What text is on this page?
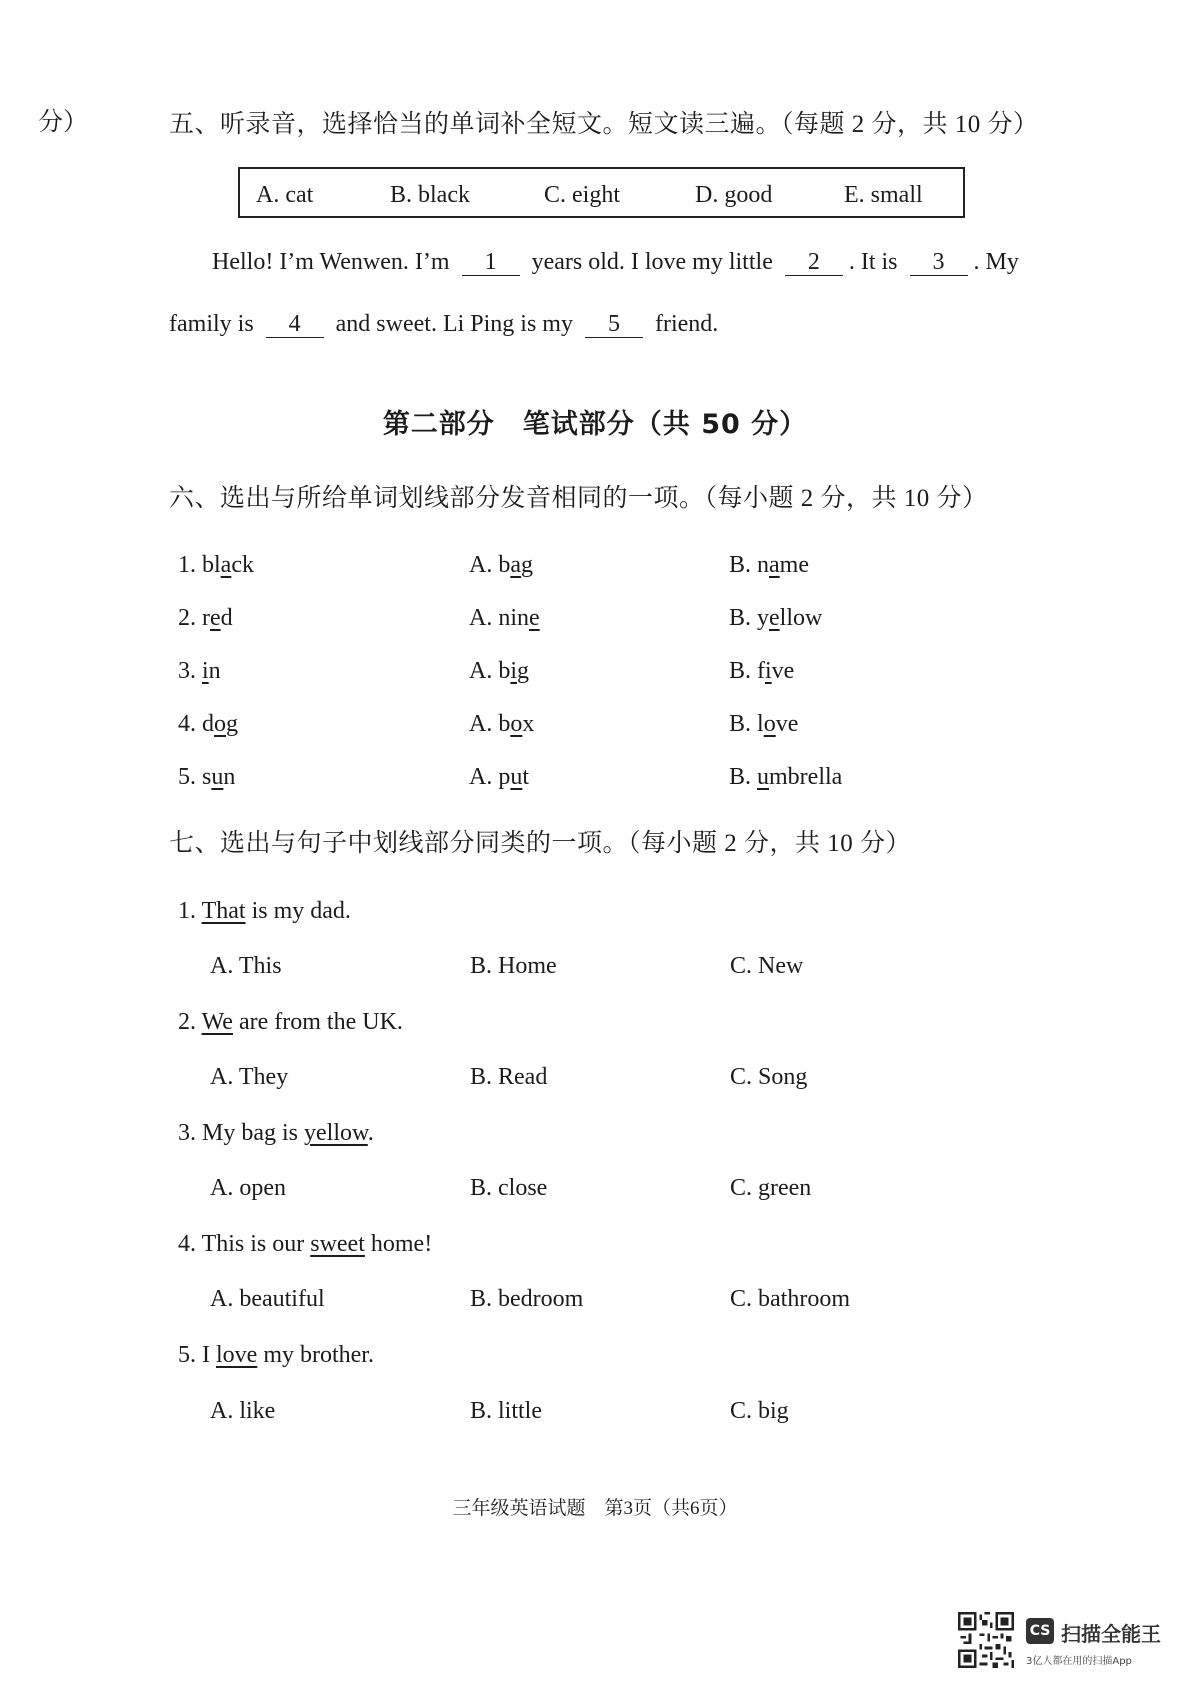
分）	五、听录音，选择恰当的单词补全短文。短文读三遍。（每题 2 分，共 10 分）
A. cat	B. black	C. eight	D. good	E. small
Hello! I’m Wenwen. I’m 1 years old. I love my little 2 . It is 3 . My
family is 4 and sweet. Li Ping is my 5 friend.
第二部分　笔试部分（共 50 分）
六、选出与所给单词划线部分发音相同的一项。（每小题 2 分，共 10 分）
1. black	A. bag	B. name
2. red	A. nine	B. yellow
3. in	A. big	B. five
4. dog	A. box	B. love
5. sun	A. put	B. umbrella
七、选出与句子中划线部分同类的一项。（每小题 2 分，共 10 分）
1. That is my dad.
A. This	B. Home	C. New
2. We are from the UK.
A. They	B. Read	C. Song
3. My bag is yellow.
A. open	B. close	C. green
4. This is our sweet home!
A. beautiful	B. bedroom	C. bathroom
5. I love my brother.
A. like	B. little	C. big
三年级英语试题　第3页（共6页）
CS 扫描全能王
3亿人都在用的扫描App
